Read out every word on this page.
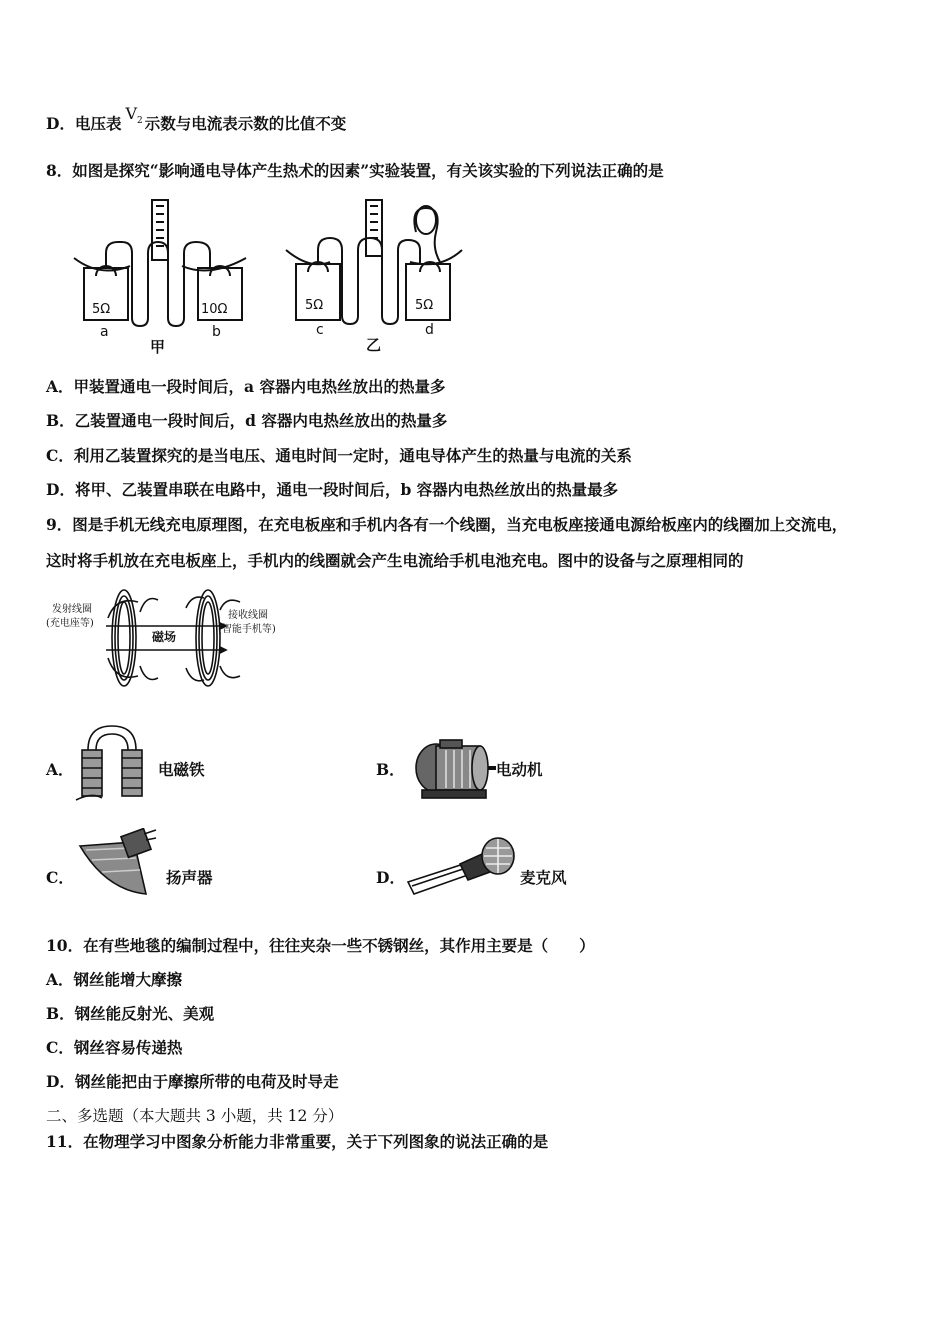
D．电压表$V_2$ 示数与电流表示数的比值不变
8．如图是探究“影响通电导体产生热术的因素”实验装置，有关该实验的下列说法正确的是
5Ω	10Ω
a	b
甲
5Ω	5Ω
c	d
乙
A．甲装置通电一段时间后，a 容器内电热丝放出的热量多
B．乙装置通电一段时间后，d 容器内电热丝放出的热量多
C．利用乙装置探究的是当电压、通电时间一定时，通电导体产生的热量与电流的关系
D．将甲、乙装置串联在电路中，通电一段时间后，b 容器内电热丝放出的热量最多
9．图是手机无线充电原理图，在充电板座和手机内各有一个线圈，当充电板座接通电源给板座内的线圈加上交流电，
这时将手机放在充电板座上，手机内的线圈就会产生电流给手机电池充电。图中的设备与之原理相同的
发射线圈
(充电座等)
接收线圈
(智能手机等)
磁场
A．	电磁铁	B．	电动机
C．	扬声器	D．	麦克风
10．在有些地毯的编制过程中，往往夹杂一些不锈钢丝，其作用主要是（　　）
A．钢丝能增大摩擦
B．钢丝能反射光、美观
C．钢丝容易传递热
D．钢丝能把由于摩擦所带的电荷及时导走
二、多选题（本大题共 3 小题，共 12 分）
11．在物理学习中图象分析能力非常重要，关于下列图象的说法正确的是
